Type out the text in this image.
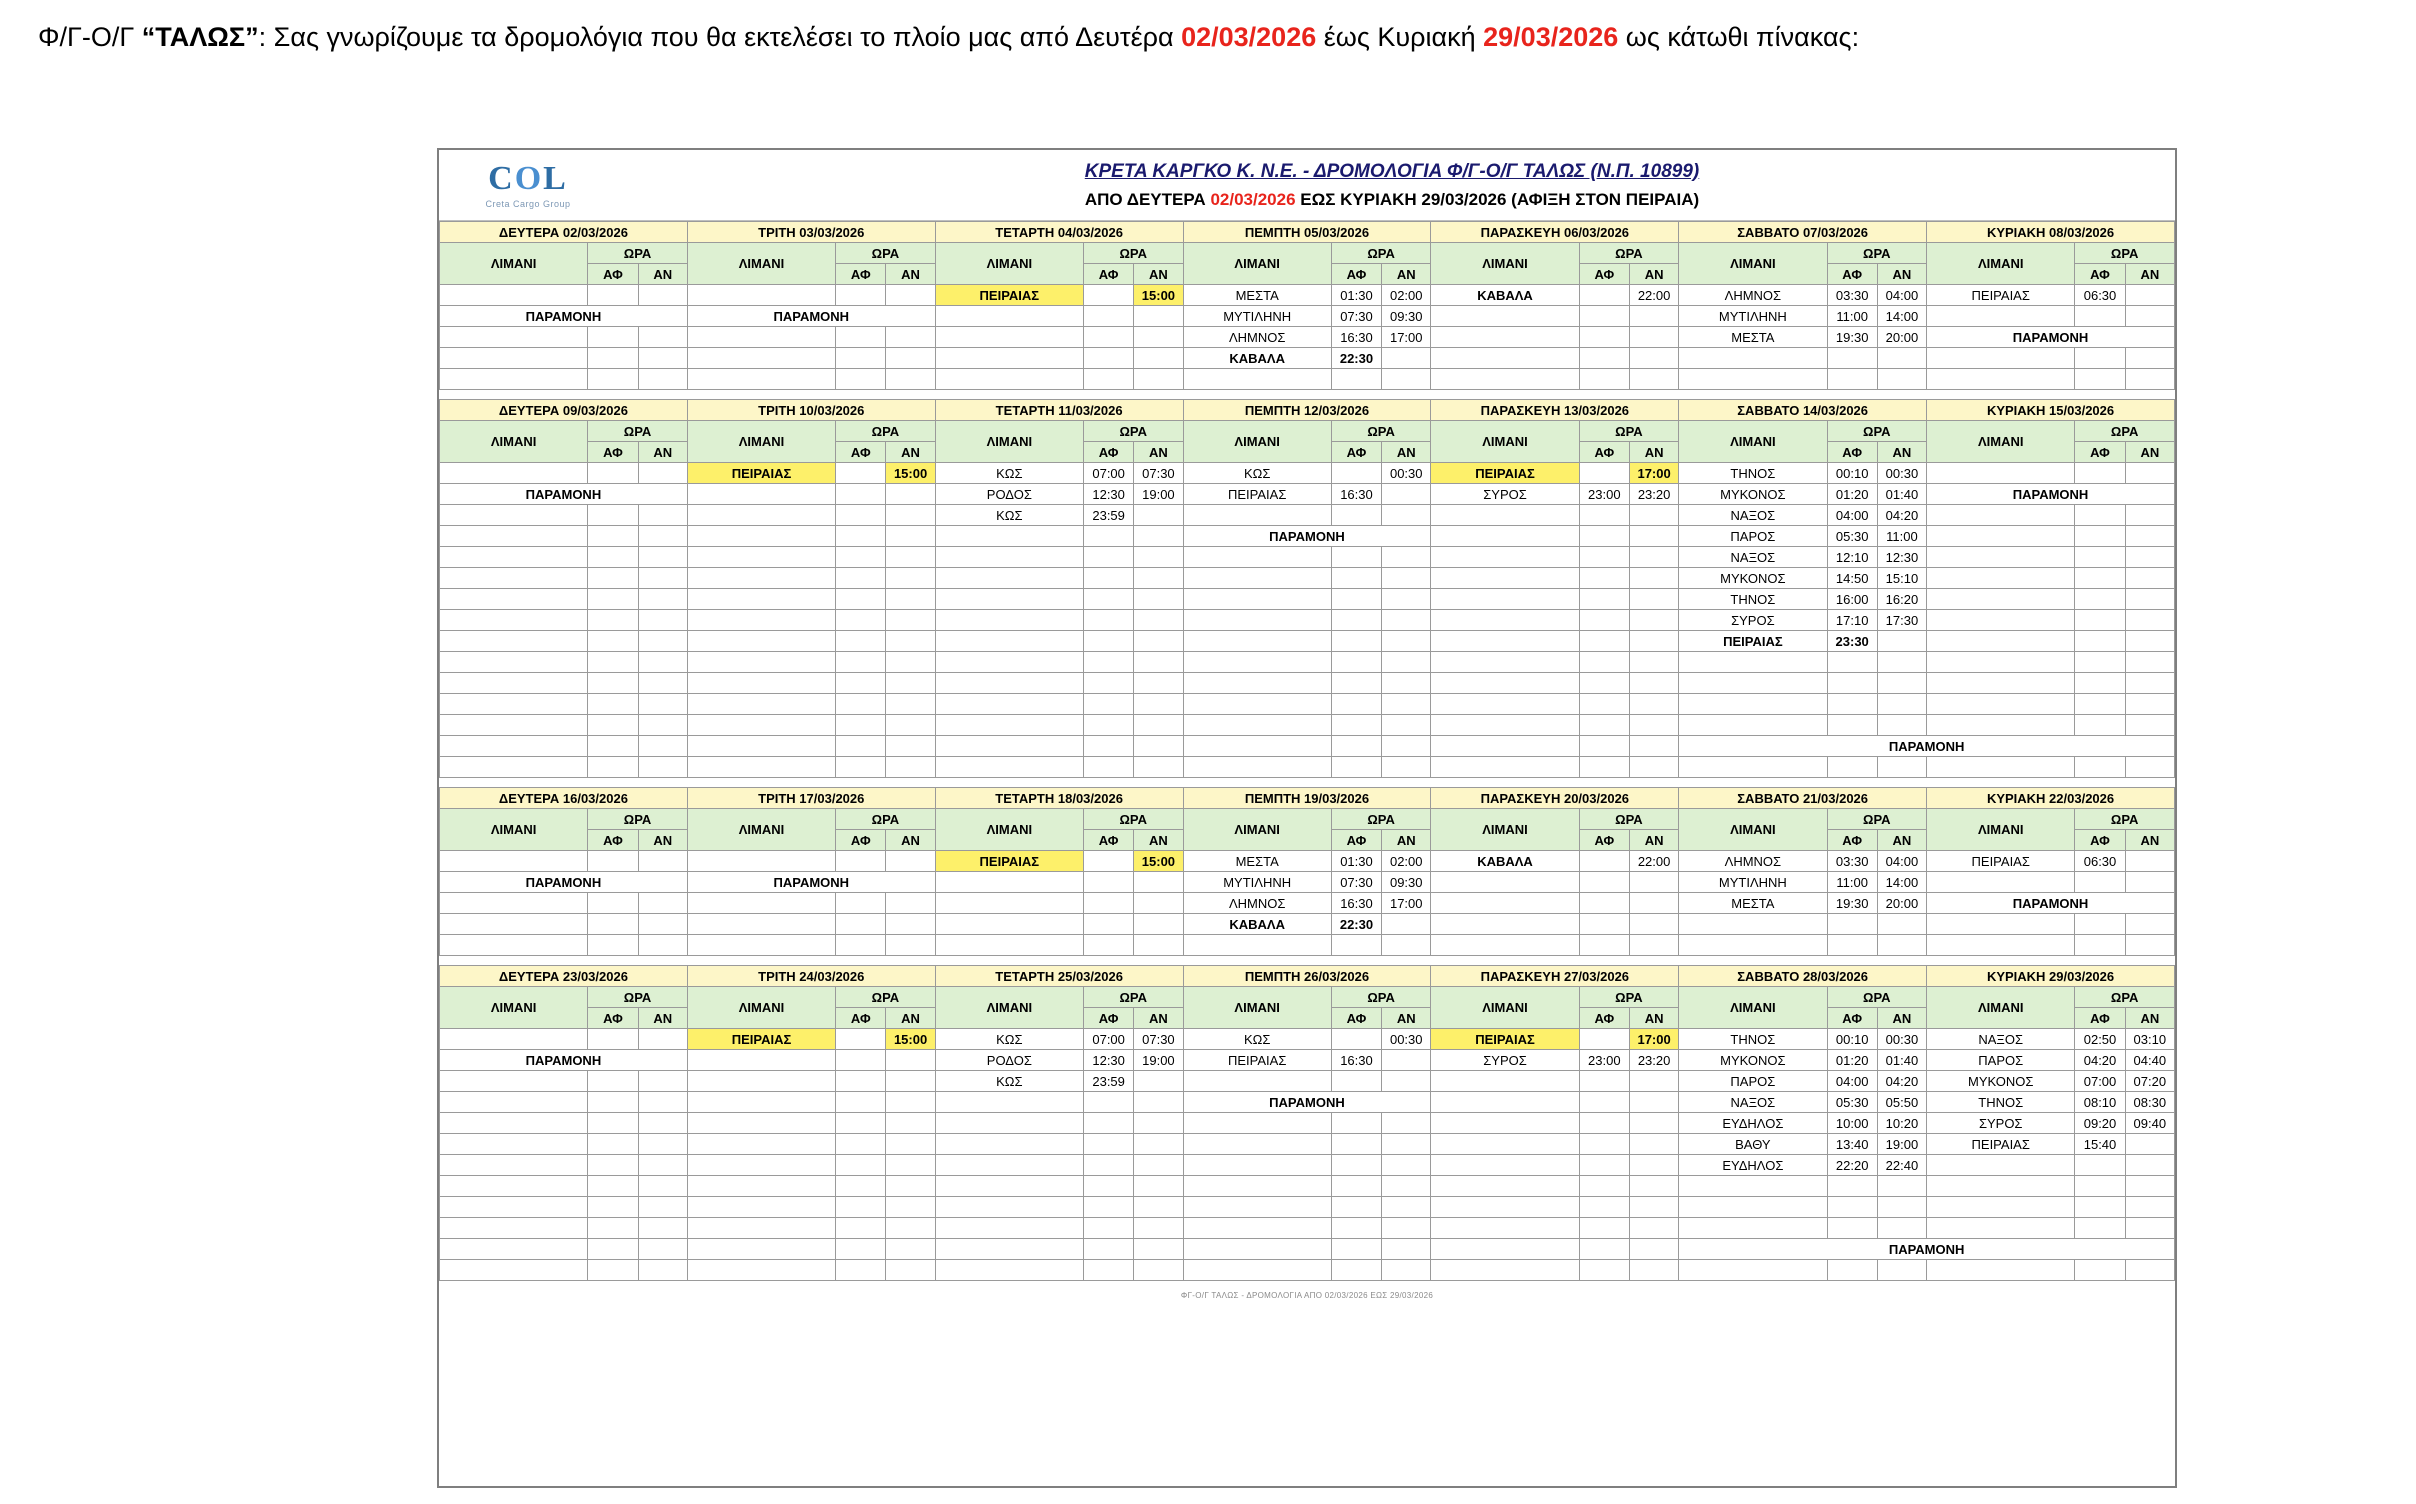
Φ/Γ-Ο/Γ “ΤΑΛΩΣ”: Σας γνωρίζουμε τα δρομολόγια που θα εκτελέσει το πλοίο μας από Δευτέρα 02/03/2026 έως Κυριακή 29/03/2026 ως κάτωθι πίνακας:
COL
Creta Cargo Group
ΚΡΕΤΑ ΚΑΡΓΚΟ Κ. Ν.Ε. - ΔΡΟΜΟΛΟΓΙΑ Φ/Γ-Ο/Γ ΤΑΛΩΣ (Ν.Π. 10899)
ΑΠΟ ΔΕΥΤΕΡΑ 02/03/2026 ΕΩΣ ΚΥΡΙΑΚΗ 29/03/2026 (ΑΦΙΞΗ ΣΤΟΝ ΠΕΙΡΑΙΑ)
ΔΕΥΤΕΡΑ 02/03/2026			ΤΡΙΤΗ 03/03/2026			ΤΕΤΑΡΤΗ 04/03/2026			ΠΕΜΠΤΗ 05/03/2026			ΠΑΡΑΣΚΕΥΗ 06/03/2026			ΣΑΒΒΑΤΟ 07/03/2026			ΚΥΡΙΑΚΗ 08/03/2026		
ΛΙΜΑΝΙ	ΩΡΑ		ΛΙΜΑΝΙ	ΩΡΑ		ΛΙΜΑΝΙ	ΩΡΑ		ΛΙΜΑΝΙ	ΩΡΑ		ΛΙΜΑΝΙ	ΩΡΑ		ΛΙΜΑΝΙ	ΩΡΑ		ΛΙΜΑΝΙ	ΩΡΑ	
	ΑΦ	ΑΝ		ΑΦ	ΑΝ		ΑΦ	ΑΝ		ΑΦ	ΑΝ		ΑΦ	ΑΝ		ΑΦ	ΑΝ		ΑΦ	ΑΝ
						ΠΕΙΡΑΙΑΣ		15:00	ΜΕΣΤΑ	01:30	02:00	ΚΑΒΑΛΑ		22:00	ΛΗΜΝΟΣ	03:30	04:00	ΠΕΙΡΑΙΑΣ	06:30	
ΠΑΡΑΜΟΝΗ			ΠΑΡΑΜΟΝΗ						ΜΥΤΙΛΗΝΗ	07:30	09:30				ΜΥΤΙΛΗΝΗ	11:00	14:00			
									ΛΗΜΝΟΣ	16:30	17:00				ΜΕΣΤΑ	19:30	20:00	ΠΑΡΑΜΟΝΗ		
									ΚΑΒΑΛΑ	22:30										

ΔΕΥΤΕΡΑ 09/03/2026			ΤΡΙΤΗ 10/03/2026			ΤΕΤΑΡΤΗ 11/03/2026			ΠΕΜΠΤΗ 12/03/2026			ΠΑΡΑΣΚΕΥΗ 13/03/2026			ΣΑΒΒΑΤΟ 14/03/2026			ΚΥΡΙΑΚΗ 15/03/2026		
ΛΙΜΑΝΙ	ΩΡΑ		ΛΙΜΑΝΙ	ΩΡΑ		ΛΙΜΑΝΙ	ΩΡΑ		ΛΙΜΑΝΙ	ΩΡΑ		ΛΙΜΑΝΙ	ΩΡΑ		ΛΙΜΑΝΙ	ΩΡΑ		ΛΙΜΑΝΙ	ΩΡΑ	
	ΑΦ	ΑΝ		ΑΦ	ΑΝ		ΑΦ	ΑΝ		ΑΦ	ΑΝ		ΑΦ	ΑΝ		ΑΦ	ΑΝ		ΑΦ	ΑΝ
			ΠΕΙΡΑΙΑΣ		15:00	ΚΩΣ	07:00	07:30	ΚΩΣ		00:30	ΠΕΙΡΑΙΑΣ		17:00	ΤΗΝΟΣ	00:10	00:30			
ΠΑΡΑΜΟΝΗ						ΡΟΔΟΣ	12:30	19:00	ΠΕΙΡΑΙΑΣ	16:30		ΣΥΡΟΣ	23:00	23:20	ΜΥΚΟΝΟΣ	01:20	01:40	ΠΑΡΑΜΟΝΗ		
						ΚΩΣ	23:59								ΝΑΞΟΣ	04:00	04:20			
									ΠΑΡΑΜΟΝΗ						ΠΑΡΟΣ	05:30	11:00			
															ΝΑΞΟΣ	12:10	12:30			
															ΜΥΚΟΝΟΣ	14:50	15:10			
															ΤΗΝΟΣ	16:00	16:20			
															ΣΥΡΟΣ	17:10	17:30			
															ΠΕΙΡΑΙΑΣ	23:30				

															ΠΑΡΑΜΟΝΗ					

ΔΕΥΤΕΡΑ 16/03/2026			ΤΡΙΤΗ 17/03/2026			ΤΕΤΑΡΤΗ 18/03/2026			ΠΕΜΠΤΗ 19/03/2026			ΠΑΡΑΣΚΕΥΗ 20/03/2026			ΣΑΒΒΑΤΟ 21/03/2026			ΚΥΡΙΑΚΗ 22/03/2026		
ΛΙΜΑΝΙ	ΩΡΑ		ΛΙΜΑΝΙ	ΩΡΑ		ΛΙΜΑΝΙ	ΩΡΑ		ΛΙΜΑΝΙ	ΩΡΑ		ΛΙΜΑΝΙ	ΩΡΑ		ΛΙΜΑΝΙ	ΩΡΑ		ΛΙΜΑΝΙ	ΩΡΑ	
	ΑΦ	ΑΝ		ΑΦ	ΑΝ		ΑΦ	ΑΝ		ΑΦ	ΑΝ		ΑΦ	ΑΝ		ΑΦ	ΑΝ		ΑΦ	ΑΝ
						ΠΕΙΡΑΙΑΣ		15:00	ΜΕΣΤΑ	01:30	02:00	ΚΑΒΑΛΑ		22:00	ΛΗΜΝΟΣ	03:30	04:00	ΠΕΙΡΑΙΑΣ	06:30	
ΠΑΡΑΜΟΝΗ			ΠΑΡΑΜΟΝΗ						ΜΥΤΙΛΗΝΗ	07:30	09:30				ΜΥΤΙΛΗΝΗ	11:00	14:00			
									ΛΗΜΝΟΣ	16:30	17:00				ΜΕΣΤΑ	19:30	20:00	ΠΑΡΑΜΟΝΗ		
									ΚΑΒΑΛΑ	22:30										

ΔΕΥΤΕΡΑ 23/03/2026			ΤΡΙΤΗ 24/03/2026			ΤΕΤΑΡΤΗ 25/03/2026			ΠΕΜΠΤΗ 26/03/2026			ΠΑΡΑΣΚΕΥΗ 27/03/2026			ΣΑΒΒΑΤΟ 28/03/2026			ΚΥΡΙΑΚΗ 29/03/2026		
ΛΙΜΑΝΙ	ΩΡΑ		ΛΙΜΑΝΙ	ΩΡΑ		ΛΙΜΑΝΙ	ΩΡΑ		ΛΙΜΑΝΙ	ΩΡΑ		ΛΙΜΑΝΙ	ΩΡΑ		ΛΙΜΑΝΙ	ΩΡΑ		ΛΙΜΑΝΙ	ΩΡΑ	
	ΑΦ	ΑΝ		ΑΦ	ΑΝ		ΑΦ	ΑΝ		ΑΦ	ΑΝ		ΑΦ	ΑΝ		ΑΦ	ΑΝ		ΑΦ	ΑΝ
			ΠΕΙΡΑΙΑΣ		15:00	ΚΩΣ	07:00	07:30	ΚΩΣ		00:30	ΠΕΙΡΑΙΑΣ		17:00	ΤΗΝΟΣ	00:10	00:30	ΝΑΞΟΣ	02:50	03:10
ΠΑΡΑΜΟΝΗ						ΡΟΔΟΣ	12:30	19:00	ΠΕΙΡΑΙΑΣ	16:30		ΣΥΡΟΣ	23:00	23:20	ΜΥΚΟΝΟΣ	01:20	01:40	ΠΑΡΟΣ	04:20	04:40
						ΚΩΣ	23:59								ΠΑΡΟΣ	04:00	04:20	ΜΥΚΟΝΟΣ	07:00	07:20
									ΠΑΡΑΜΟΝΗ						ΝΑΞΟΣ	05:30	05:50	ΤΗΝΟΣ	08:10	08:30
															ΕΥΔΗΛΟΣ	10:00	10:20	ΣΥΡΟΣ	09:20	09:40
															ΒΑΘΥ	13:40	19:00	ΠΕΙΡΑΙΑΣ	15:40	
															ΕΥΔΗΛΟΣ	22:20	22:40			

															ΠΑΡΑΜΟΝΗ					

ΦΓ-Ο/Γ ΤΑΛΩΣ - ΔΡΟΜΟΛΟΓΙΑ ΑΠΟ 02/03/2026 ΕΩΣ 29/03/2026
